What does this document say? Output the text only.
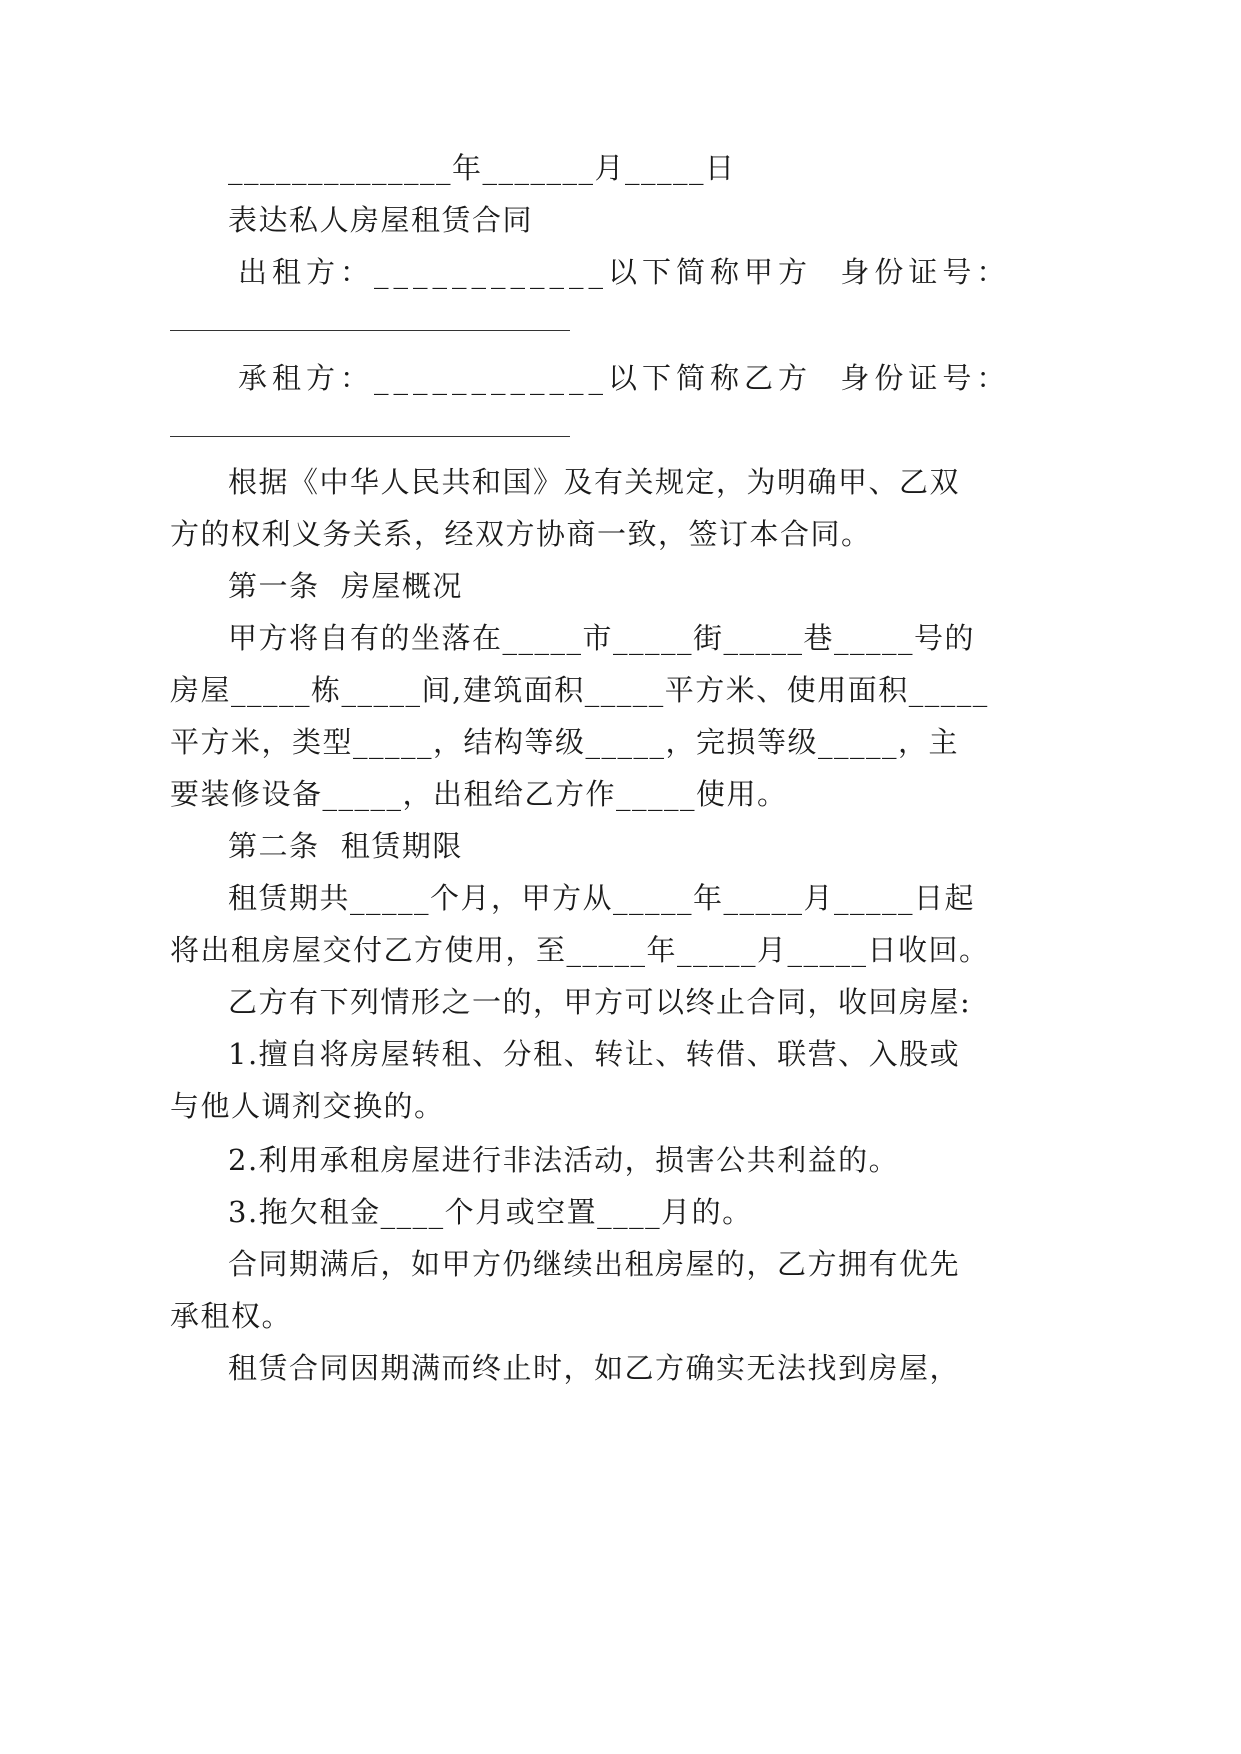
______________年_______月_____日
表达私人房屋租赁合同
出租方：____________以下简称甲方  身份证号：
承租方：____________以下简称乙方  身份证号：
根据《中华人民共和国》及有关规定，为明确甲、乙双
方的权利义务关系，经双方协商一致，签订本合同。
第一条  房屋概况
甲方将自有的坐落在_____市_____街_____巷_____号的
房屋_____栋_____间,建筑面积_____平方米、使用面积_____
平方米，类型_____，结构等级_____，完损等级_____，主
要装修设备_____，出租给乙方作_____使用。
第二条  租赁期限
租赁期共_____个月，甲方从_____年_____月_____日起
将出租房屋交付乙方使用，至_____年_____月_____日收回。
乙方有下列情形之一的，甲方可以终止合同，收回房屋:
1.擅自将房屋转租、分租、转让、转借、联营、入股或
与他人调剂交换的。
2.利用承租房屋进行非法活动，损害公共利益的。
3.拖欠租金____个月或空置____月的。
合同期满后，如甲方仍继续出租房屋的，乙方拥有优先
承租权。
租赁合同因期满而终止时，如乙方确实无法找到房屋，
